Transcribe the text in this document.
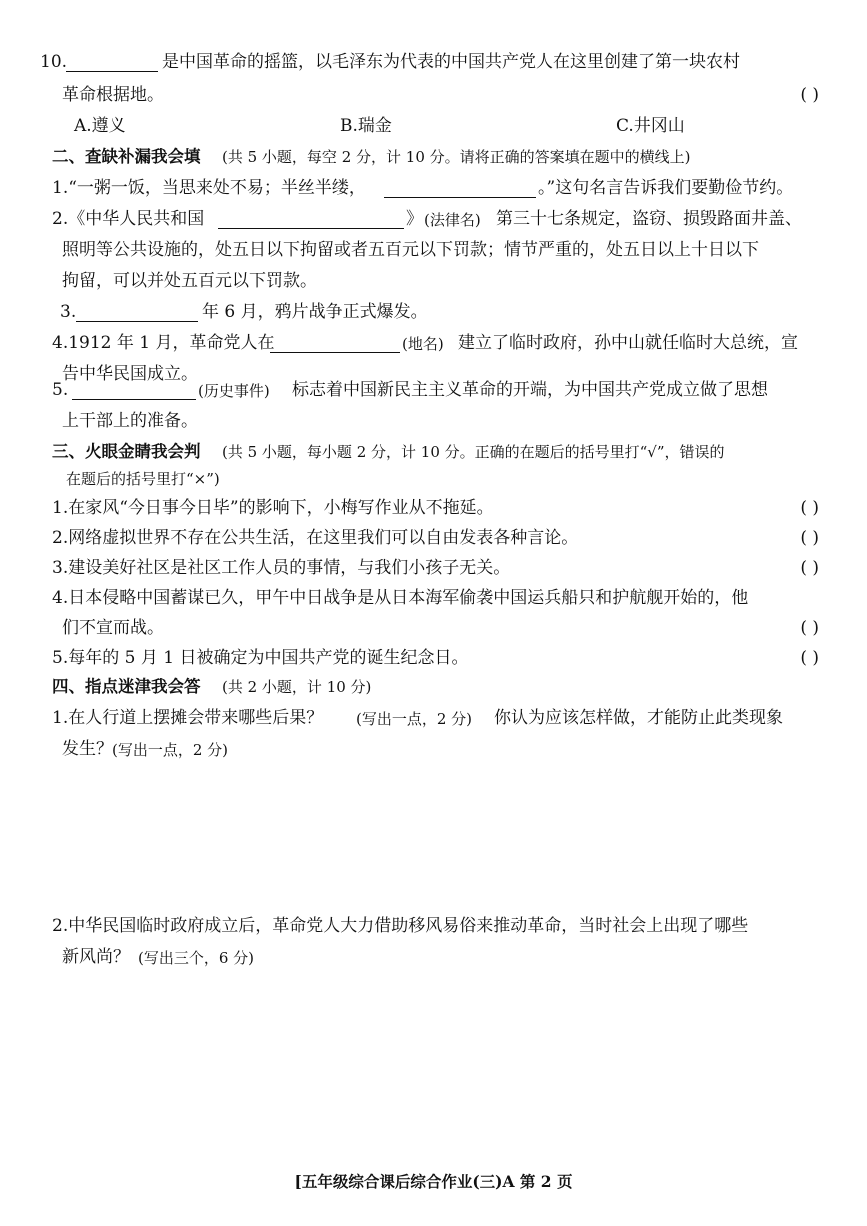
10.	是中国革命的摇篮，以毛泽东为代表的中国共产党人在这里创建了第一块农村
革命根据地。	( )
A.遵义	B.瑞金	C.井冈山
二、查缺补漏我会填 (共 5 小题，每空 2 分，计 10 分。请将正确的答案填在题中的横线上)
1.“一粥一饭，当思来处不易；半丝半缕，	。”这句名言告诉我们要勤俭节约。
2.《中华人民共和国	》 (法律名) 第三十七条规定，盗窃、损毁路面井盖、
照明等公共设施的，处五日以下拘留或者五百元以下罚款；情节严重的，处五日以上十日以下
拘留，可以并处五百元以下罚款。
3.	年 6 月，鸦片战争正式爆发。
4.1912 年 1 月，革命党人在	(地名) 建立了临时政府，孙中山就任临时大总统，宣
告中华民国成立。
5.	(历史事件) 标志着中国新民主主义革命的开端，为中国共产党成立做了思想
上干部上的准备。
三、火眼金睛我会判 (共 5 小题，每小题 2 分，计 10 分。正确的在题后的括号里打“√”，错误的
在题后的括号里打“×”)
1.在家风“今日事今日毕”的影响下，小梅写作业从不拖延。	( )
2.网络虚拟世界不存在公共生活，在这里我们可以自由发表各种言论。	( )
3.建设美好社区是社区工作人员的事情，与我们小孩子无关。	( )
4.日本侵略中国蓄谋已久，甲午中日战争是从日本海军偷袭中国运兵船只和护航舰开始的，他
们不宣而战。	( )
5.每年的 5 月 1 日被确定为中国共产党的诞生纪念日。	( )
四、指点迷津我会答 (共 2 小题，计 10 分)
1.在人行道上摆摊会带来哪些后果？ (写出一点，2 分) 你认为应该怎样做，才能防止此类现象
发生？ (写出一点，2 分)
2.中华民国临时政府成立后，革命党人大力借助移风易俗来推动革命，当时社会上出现了哪些
新风尚？ (写出三个，6 分)
[五年级综合课后综合作业(三)A 第 2 页
